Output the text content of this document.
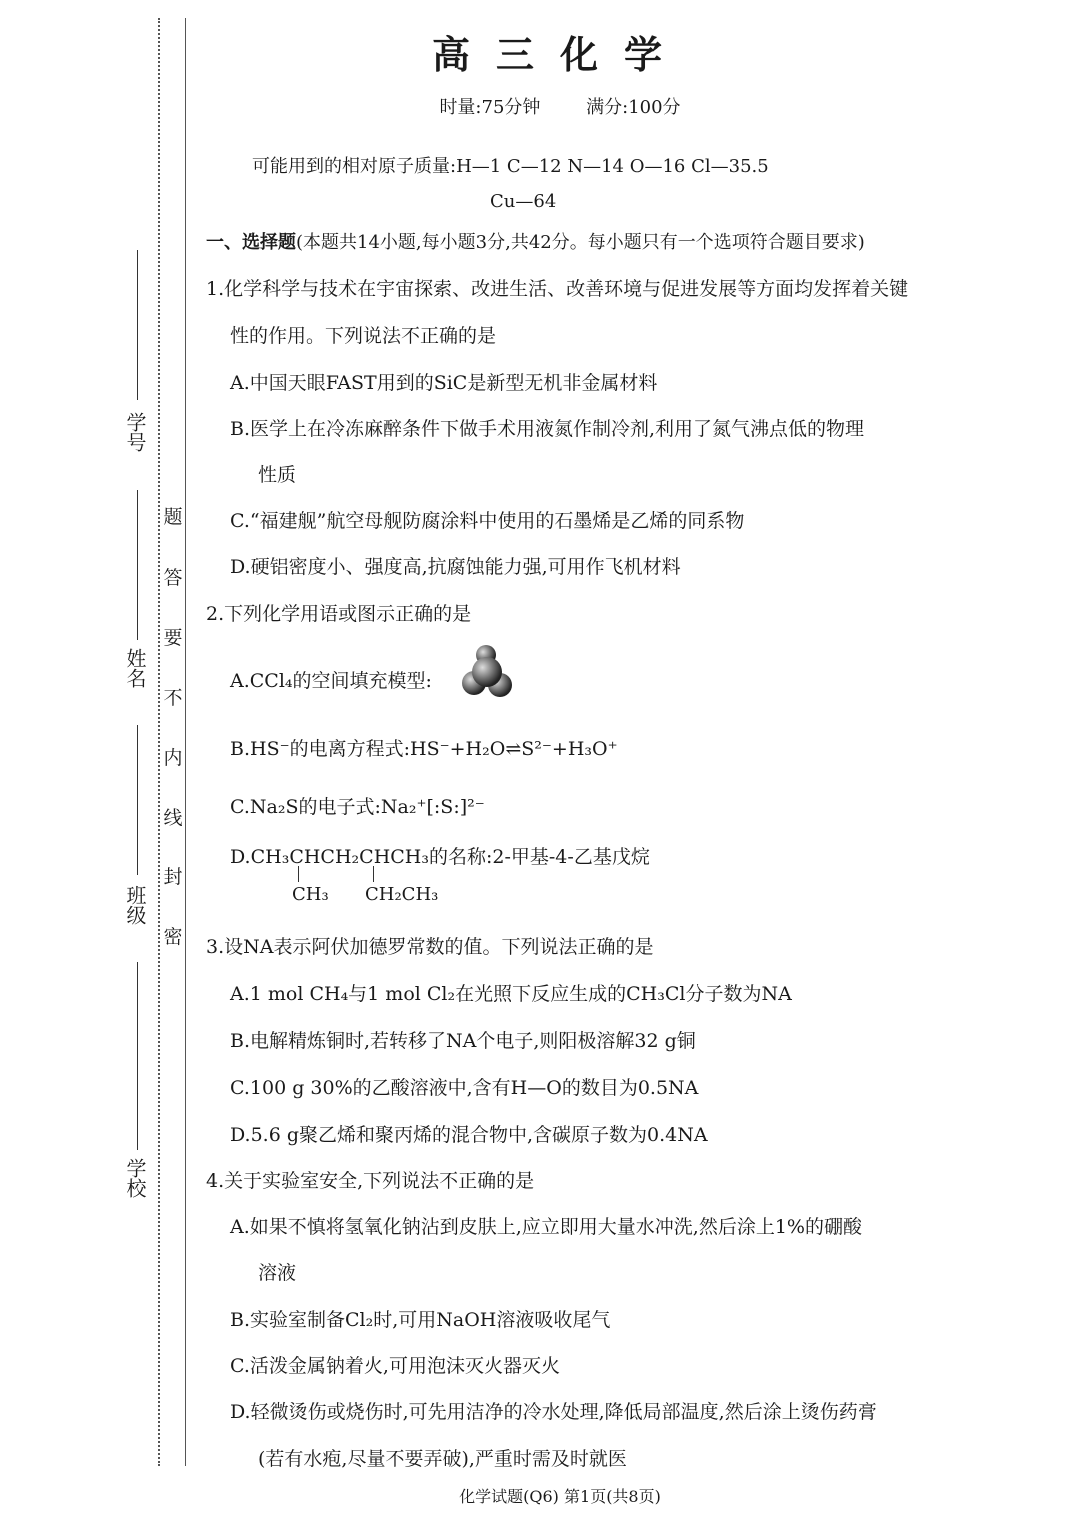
题
答
要
不
内
线
封
密
学号
姓名
班级
学校
高三化学
时量:75分钟	满分:100分
可能用到的相对原子质量:H—1 C—12 N—14 O—16 Cl—35.5
Cu—64
一、选择题(本题共14小题,每小题3分,共42分。每小题只有一个选项符合题目要求)
1.化学科学与技术在宇宙探索、改进生活、改善环境与促进发展等方面均发挥着关键
性的作用。下列说法不正确的是
A.中国天眼FAST用到的SiC是新型无机非金属材料
B.医学上在冷冻麻醉条件下做手术用液氮作制冷剂,利用了氮气沸点低的物理
性质
C.“福建舰”航空母舰防腐涂料中使用的石墨烯是乙烯的同系物
D.硬铝密度小、强度高,抗腐蚀能力强,可用作飞机材料
2.下列化学用语或图示正确的是
A.CCl₄的空间填充模型:
B.HS⁻的电离方程式:HS⁻+H₂O⇌S²⁻+H₃O⁺
C.Na₂S的电子式:Na₂⁺[:S:]²⁻
D.CH₃CHCH₂CHCH₃的名称:2-甲基-4-乙基戊烷
CH₃ CH₂CH₃
3.设NA表示阿伏加德罗常数的值。下列说法正确的是
A.1 mol CH₄与1 mol Cl₂在光照下反应生成的CH₃Cl分子数为NA
B.电解精炼铜时,若转移了NA个电子,则阳极溶解32 g铜
C.100 g 30%的乙酸溶液中,含有H—O的数目为0.5NA
D.5.6 g聚乙烯和聚丙烯的混合物中,含碳原子数为0.4NA
4.关于实验室安全,下列说法不正确的是
A.如果不慎将氢氧化钠沾到皮肤上,应立即用大量水冲洗,然后涂上1%的硼酸
溶液
B.实验室制备Cl₂时,可用NaOH溶液吸收尾气
C.活泼金属钠着火,可用泡沫灭火器灭火
D.轻微烫伤或烧伤时,可先用洁净的冷水处理,降低局部温度,然后涂上烫伤药膏
(若有水疱,尽量不要弄破),严重时需及时就医
化学试题(Q6) 第1页(共8页)
